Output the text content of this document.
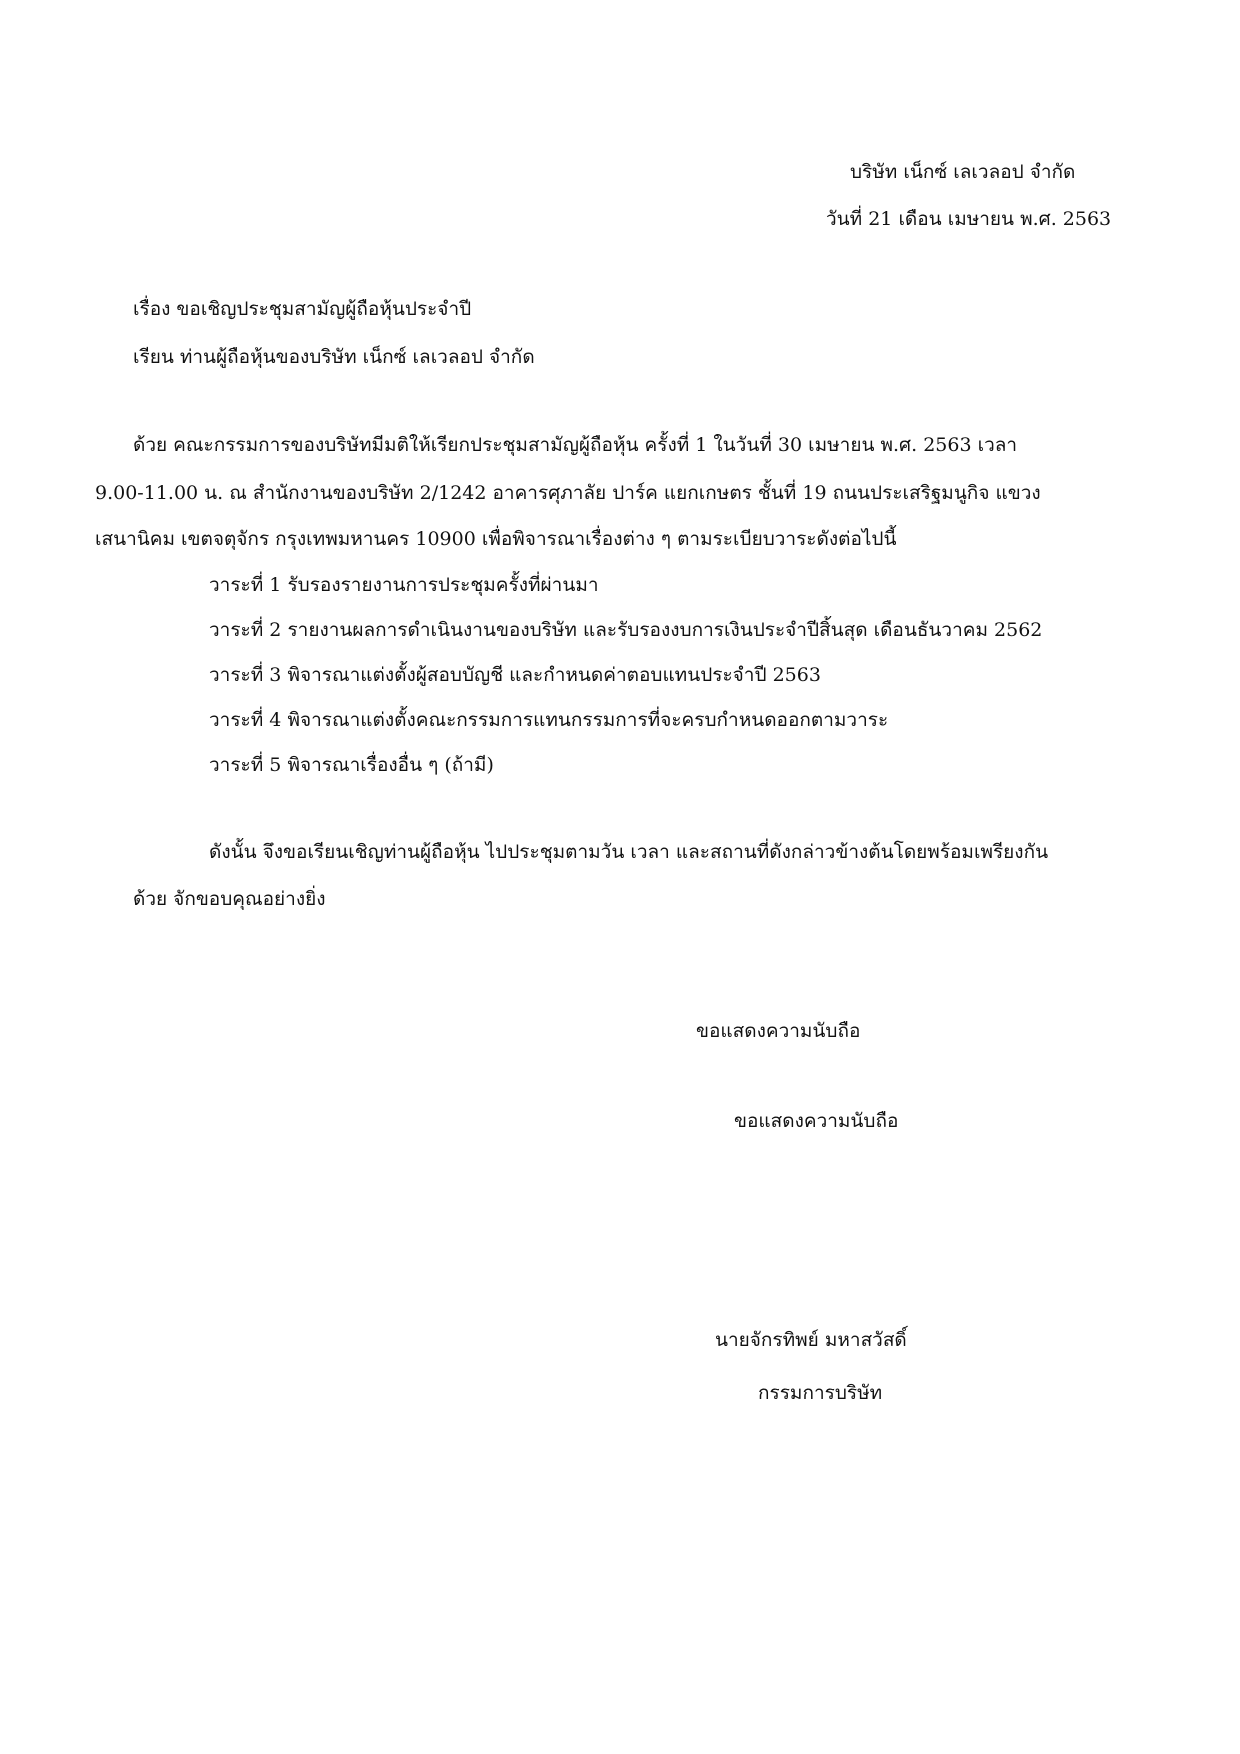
บริษัท เน็กซ์ เลเวลอป จำกัด
วันที่ 21 เดือน เมษายน พ.ศ. 2563
เรื่อง ขอเชิญประชุมสามัญผู้ถือหุ้นประจำปี
เรียน ท่านผู้ถือหุ้นของบริษัท เน็กซ์ เลเวลอป จำกัด
ด้วย คณะกรรมการของบริษัทมีมติให้เรียกประชุมสามัญผู้ถือหุ้น ครั้งที่ 1 ในวันที่ 30 เมษายน พ.ศ. 2563 เวลา
9.00-11.00 น. ณ สำนักงานของบริษัท 2/1242 อาคารศุภาลัย ปาร์ค แยกเกษตร ชั้นที่ 19 ถนนประเสริฐมนูกิจ แขวง
เสนานิคม เขตจตุจักร กรุงเทพมหานคร 10900 เพื่อพิจารณาเรื่องต่าง ๆ ตามระเบียบวาระดังต่อไปนี้
วาระที่ 1 รับรองรายงานการประชุมครั้งที่ผ่านมา
วาระที่ 2 รายงานผลการดำเนินงานของบริษัท และรับรองงบการเงินประจำปีสิ้นสุด เดือนธันวาคม 2562
วาระที่ 3 พิจารณาแต่งตั้งผู้สอบบัญชี และกำหนดค่าตอบแทนประจำปี 2563
วาระที่ 4 พิจารณาแต่งตั้งคณะกรรมการแทนกรรมการที่จะครบกำหนดออกตามวาระ
วาระที่ 5 พิจารณาเรื่องอื่น ๆ (ถ้ามี)
ดังนั้น จึงขอเรียนเชิญท่านผู้ถือหุ้น ไปประชุมตามวัน เวลา และสถานที่ดังกล่าวข้างต้นโดยพร้อมเพรียงกัน
ด้วย จักขอบคุณอย่างยิ่ง
ขอแสดงความนับถือ
ขอแสดงความนับถือ
นายจักรทิพย์ มหาสวัสดิ์
กรรมการบริษัท
